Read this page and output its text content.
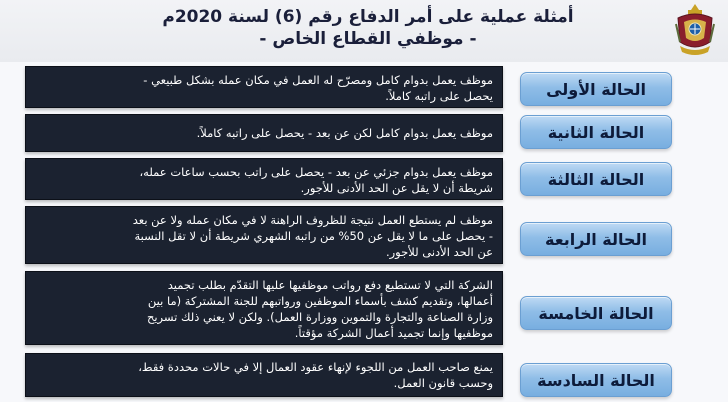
أمثلة عملية على أمر الدفاع رقم (6) لسنة 2020م
- موظفي القطاع الخاص -
الحالة الأولى
موظف يعمل بدوام كامل ومصرّح له العمل في مكان عمله بشكل طبيعي -
يحصل على راتبه كاملاً.
الحالة الثانية
موظف يعمل بدوام كامل لكن عن بعد - يحصل على راتبه كاملاً.
الحالة الثالثة
موظف يعمل بدوام جزئي عن بعد - يحصل على راتب بحسب ساعات عمله،
شريطة أن لا يقل عن الحد الأدنى للأجور.
الحالة الرابعة
موظف لم يستطع العمل نتيجة للظروف الراهنة لا في مكان عمله ولا عن بعد
- يحصل على ما لا يقل عن 50% من راتبه الشهري شريطة أن لا تقل النسبة
عن الحد الأدنى للأجور.
الحالة الخامسة
الشركة التي لا تستطيع دفع رواتب موظفيها عليها التقدّم بطلب تجميد
أعمالها، وتقديم كشف بأسماء الموظفين ورواتبهم للجنة المشتركة (ما بين
وزارة الصناعة والتجارة والتموين ووزارة العمل). ولكن لا يعني ذلك تسريح
موظفيها وإنما تجميد أعمال الشركة مؤقتاً.
الحالة السادسة
يمنع صاحب العمل من اللجوء لإنهاء عقود العمال إلا في حالات محددة فقط،
وحسب قانون العمل.
